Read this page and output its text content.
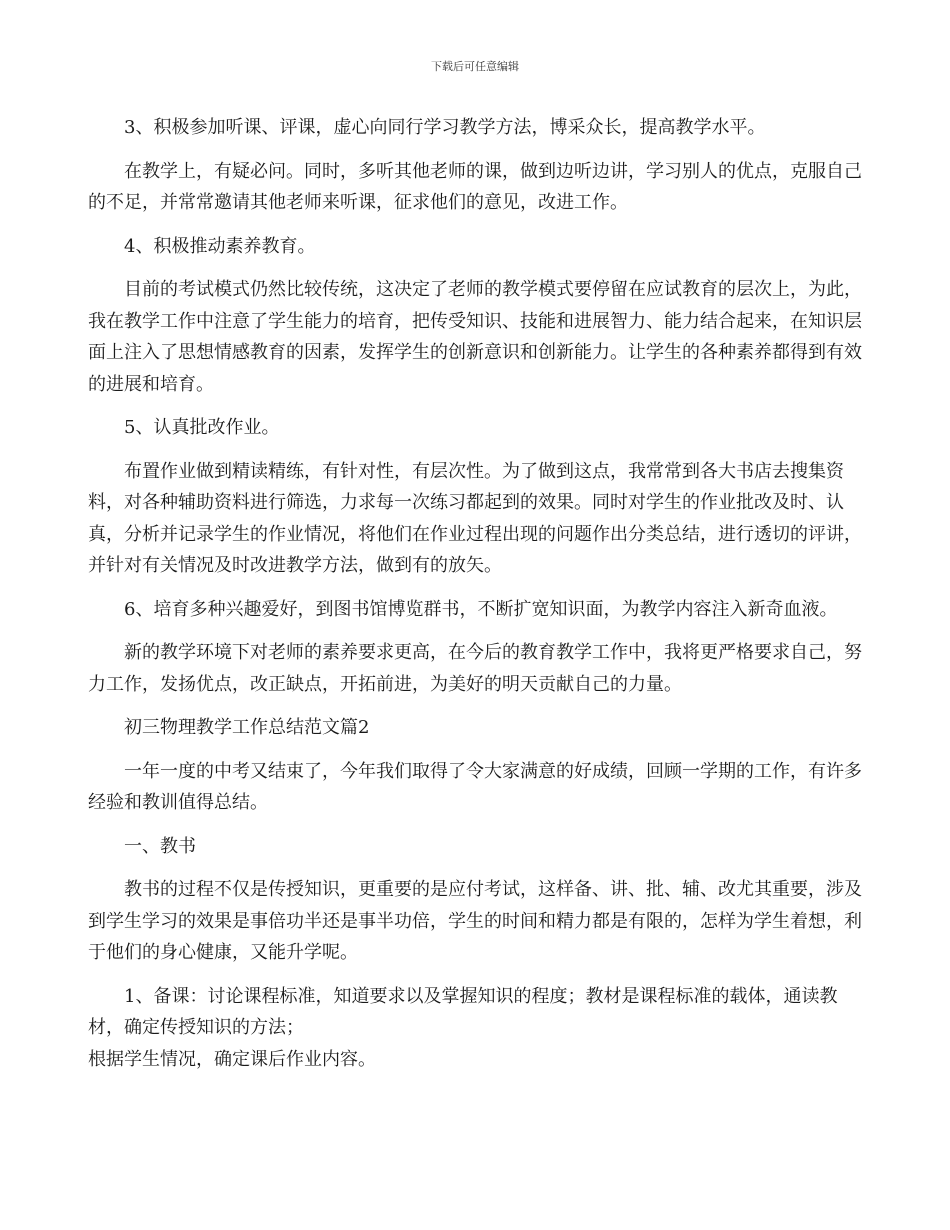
下载后可任意编辑

3、积极参加听课、评课，虚心向同行学习教学方法，博采众长，提高教学水平。

在教学上，有疑必问。同时，多听其他老师的课，做到边听边讲，学习别人的优点，克服自己的不足，并常常邀请其他老师来听课，征求他们的意见，改进工作。

4、积极推动素养教育。

目前的考试模式仍然比较传统，这决定了老师的教学模式要停留在应试教育的层次上，为此，我在教学工作中注意了学生能力的培育，把传受知识、技能和进展智力、能力结合起来，在知识层面上注入了思想情感教育的因素，发挥学生的创新意识和创新能力。让学生的各种素养都得到有效的进展和培育。

5、认真批改作业。

布置作业做到精读精练，有针对性，有层次性。为了做到这点，我常常到各大书店去搜集资料，对各种辅助资料进行筛选，力求每一次练习都起到的效果。同时对学生的作业批改及时、认真，分析并记录学生的作业情况，将他们在作业过程出现的问题作出分类总结，进行透切的评讲，并针对有关情况及时改进教学方法，做到有的放矢。

6、培育多种兴趣爱好，到图书馆博览群书，不断扩宽知识面，为教学内容注入新奇血液。

新的教学环境下对老师的素养要求更高，在今后的教育教学工作中，我将更严格要求自己，努力工作，发扬优点，改正缺点，开拓前进，为美好的明天贡献自己的力量。

初三物理教学工作总结范文篇2

一年一度的中考又结束了，今年我们取得了令大家满意的好成绩，回顾一学期的工作，有许多经验和教训值得总结。

一、教书

教书的过程不仅是传授知识，更重要的是应付考试，这样备、讲、批、辅、改尤其重要，涉及到学生学习的效果是事倍功半还是事半功倍，学生的时间和精力都是有限的，怎样为学生着想，利于他们的身心健康，又能升学呢。

1、备课：讨论课程标准，知道要求以及掌握知识的程度；教材是课程标准的载体，通读教材，确定传授知识的方法；

根据学生情况，确定课后作业内容。
